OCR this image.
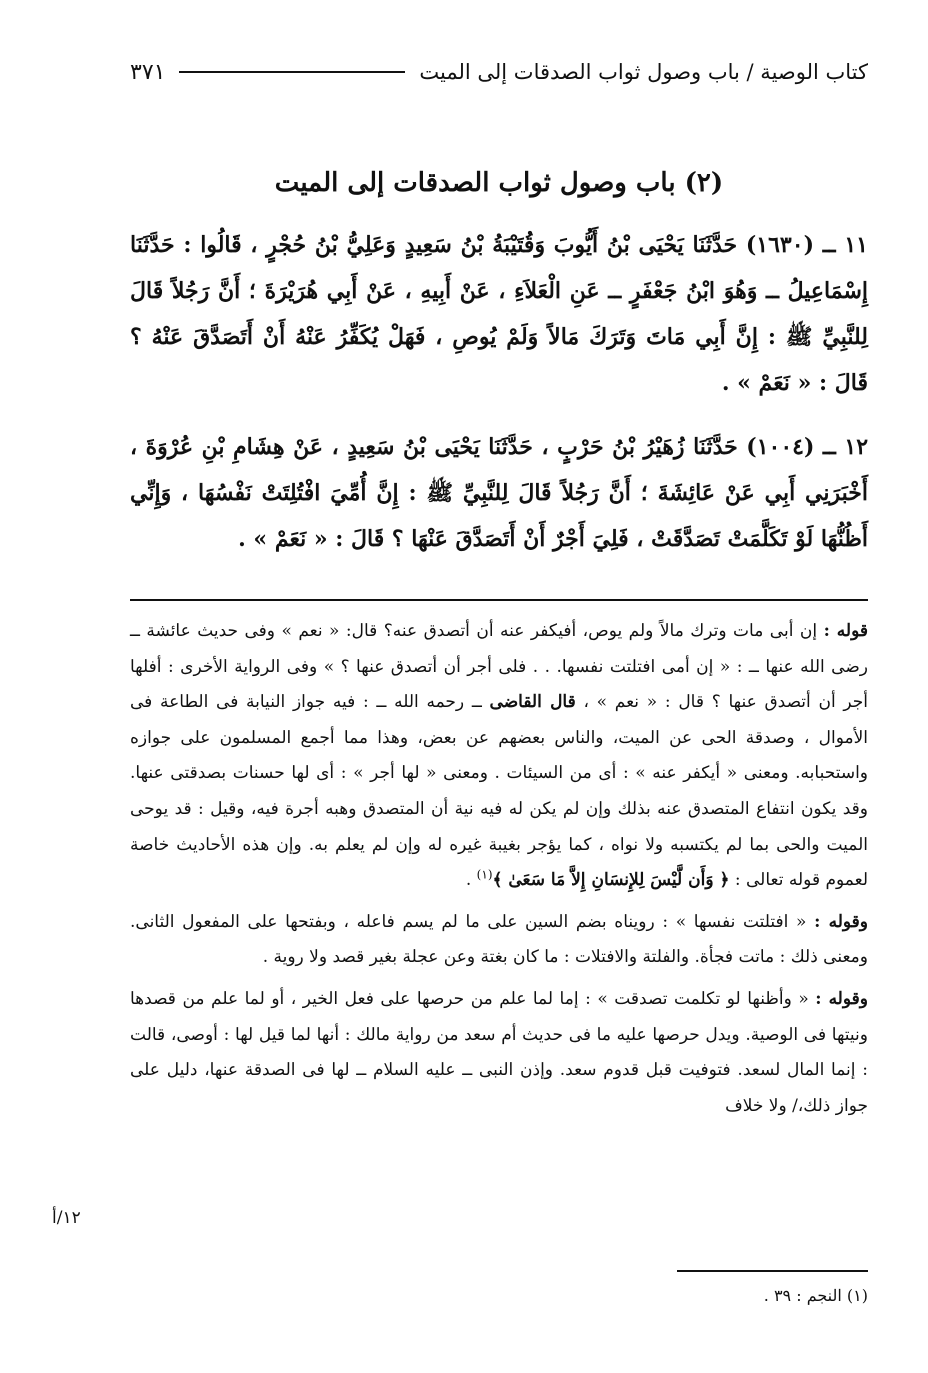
كتاب الوصية / باب وصول ثواب الصدقات إلى الميت
٣٧١
(٢) باب وصول ثواب الصدقات إلى الميت

١١ ــ (١٦٣٠) حَدَّثَنَا يَحْيَى بْنُ أَيُّوبَ وَقُتَيْبَةُ بْنُ سَعِيدٍ وَعَلِيُّ بْنُ حُجْرٍ ، قَالُوا : حَدَّثَنَا إِسْمَاعِيلُ ــ وَهُوَ ابْنُ جَعْفَرٍ ــ عَنِ الْعَلاَءِ ، عَنْ أَبِيهِ ، عَنْ أَبِي هُرَيْرَةَ ؛ أَنَّ رَجُلاً قَالَ لِلنَّبِيِّ ﷺ : إِنَّ أَبِي مَاتَ وَتَرَكَ مَالاً وَلَمْ يُوصِ ، فَهَلْ يُكَفِّرُ عَنْهُ أَنْ أَتَصَدَّقَ عَنْهُ ؟ قَالَ : « نَعَمْ » .

١٢ ــ (١٠٠٤) حَدَّثَنَا زُهَيْرُ بْنُ حَرْبٍ ، حَدَّثَنَا يَحْيَى بْنُ سَعِيدٍ ، عَنْ هِشَامِ بْنِ عُرْوَةَ ، أَخْبَرَنِي أَبِي عَنْ عَائِشَةَ ؛ أَنَّ رَجُلاً قَالَ لِلنَّبِيِّ ﷺ : إِنَّ أُمِّيَ افْتُلِتَتْ نَفْسُهَا ، وَإِنِّي أَظُنُّهَا لَوْ تَكَلَّمَتْ تَصَدَّقَتْ ، فَلِيَ أَجْرٌ أَنْ أَتَصَدَّقَ عَنْهَا ؟ قَالَ : « نَعَمْ » .

قوله : إن أبى مات وترك مالاً ولم يوص، أفيكفر عنه أن أتصدق عنه؟ قال: « نعم » وفى حديث عائشة ــ رضى الله عنها ــ : « إن أمى افتلتت نفسها. . . فلى أجر أن أتصدق عنها ؟ » وفى الرواية الأخرى : أفلها أجر أن أتصدق عنها ؟ قال : « نعم » ، قال القاضى ــ رحمه الله ــ : فيه جواز النيابة فى الطاعة فى الأموال ، وصدقة الحى عن الميت، والناس بعضهم عن بعض، وهذا مما أجمع المسلمون على جوازه واستحبابه. ومعنى « أيكفر عنه » : أى من السيئات . ومعنى « لها أجر » : أى لها حسنات بصدقتى عنها. وقد يكون انتفاع المتصدق عنه بذلك وإن لم يكن له فيه نية أن المتصدق وهبه أجرة فيه، وقيل : قد يوحى الميت والحى بما لم يكتسبه ولا نواه ، كما يؤجر بغيبة غيره له وإن لم يعلم به. وإن هذه الأحاديث خاصة لعموم قوله تعالى : ﴿ وَأَن لَّيْسَ لِلإِنسَانِ إِلاَّ مَا سَعَىٰ ﴾$^{(١)}$ .

وقوله : « افتلتت نفسها » : رويناه بضم السين على ما لم يسم فاعله ، وبفتحها على المفعول الثانى. ومعنى ذلك : ماتت فجأة. والفلتة والافتلات : ما كان بغتة وعن عجلة بغير قصد ولا روية .

وقوله : « وأظنها لو تكلمت تصدقت » : إما لما علم من حرصها على فعل الخير ، أو لما علم من قصدها ونيتها فى الوصية. ويدل حرصها عليه ما فى حديث أم سعد من رواية مالك : أنها لما قيل لها : أوصى، قالت : إنما المال لسعد. فتوفيت قبل قدوم سعد. وإذن النبى ــ عليه السلام ــ لها فى الصدقة عنها، دليل على جواز ذلك،/ ولا خلاف

١٢/أ
(١) النجم : ٣٩ .
